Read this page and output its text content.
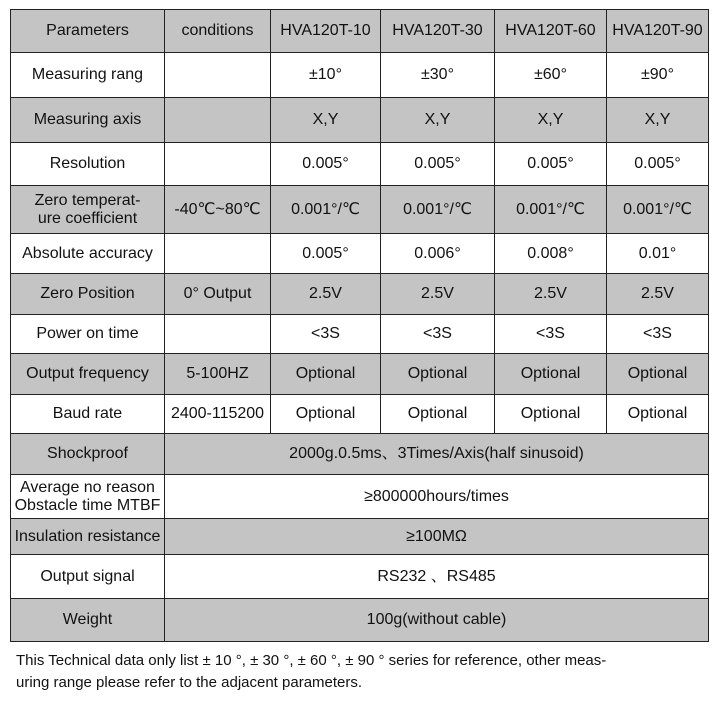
Parameters	conditions	HVA120T-10	HVA120T-30	HVA120T-60	HVA120T-90
Measuring rang		±10°	±30°	±60°	±90°
Measuring axis		X,Y	X,Y	X,Y	X,Y
Resolution		0.005°	0.005°	0.005°	0.005°

Zero temperat-
ure coefficient	-40℃~80℃	0.001°/℃	0.001°/℃	0.001°/℃	0.001°/℃
Absolute accuracy		0.005°	0.006°	0.008°	0.01°
Zero Position	0° Output	2.5V	2.5V	2.5V	2.5V
Power on time		<3S	<3S	<3S	<3S
Output frequency	5-100HZ	Optional	Optional	Optional	Optional
Baud rate	2400-115200	Optional	Optional	Optional	Optional
Shockproof	2000g.0.5ms、3Times/Axis(half sinusoid)				

Average no reason
Obstacle time MTBF	≥800000hours/times				
Insulation resistance	≥100MΩ				
Output signal	RS232 、RS485				
Weight	100g(without cable)				
This Technical data only list ± 10 °, ± 30 °, ± 60 °, ± 90 ° series for reference, other meas-
uring range please refer to the adjacent parameters.
